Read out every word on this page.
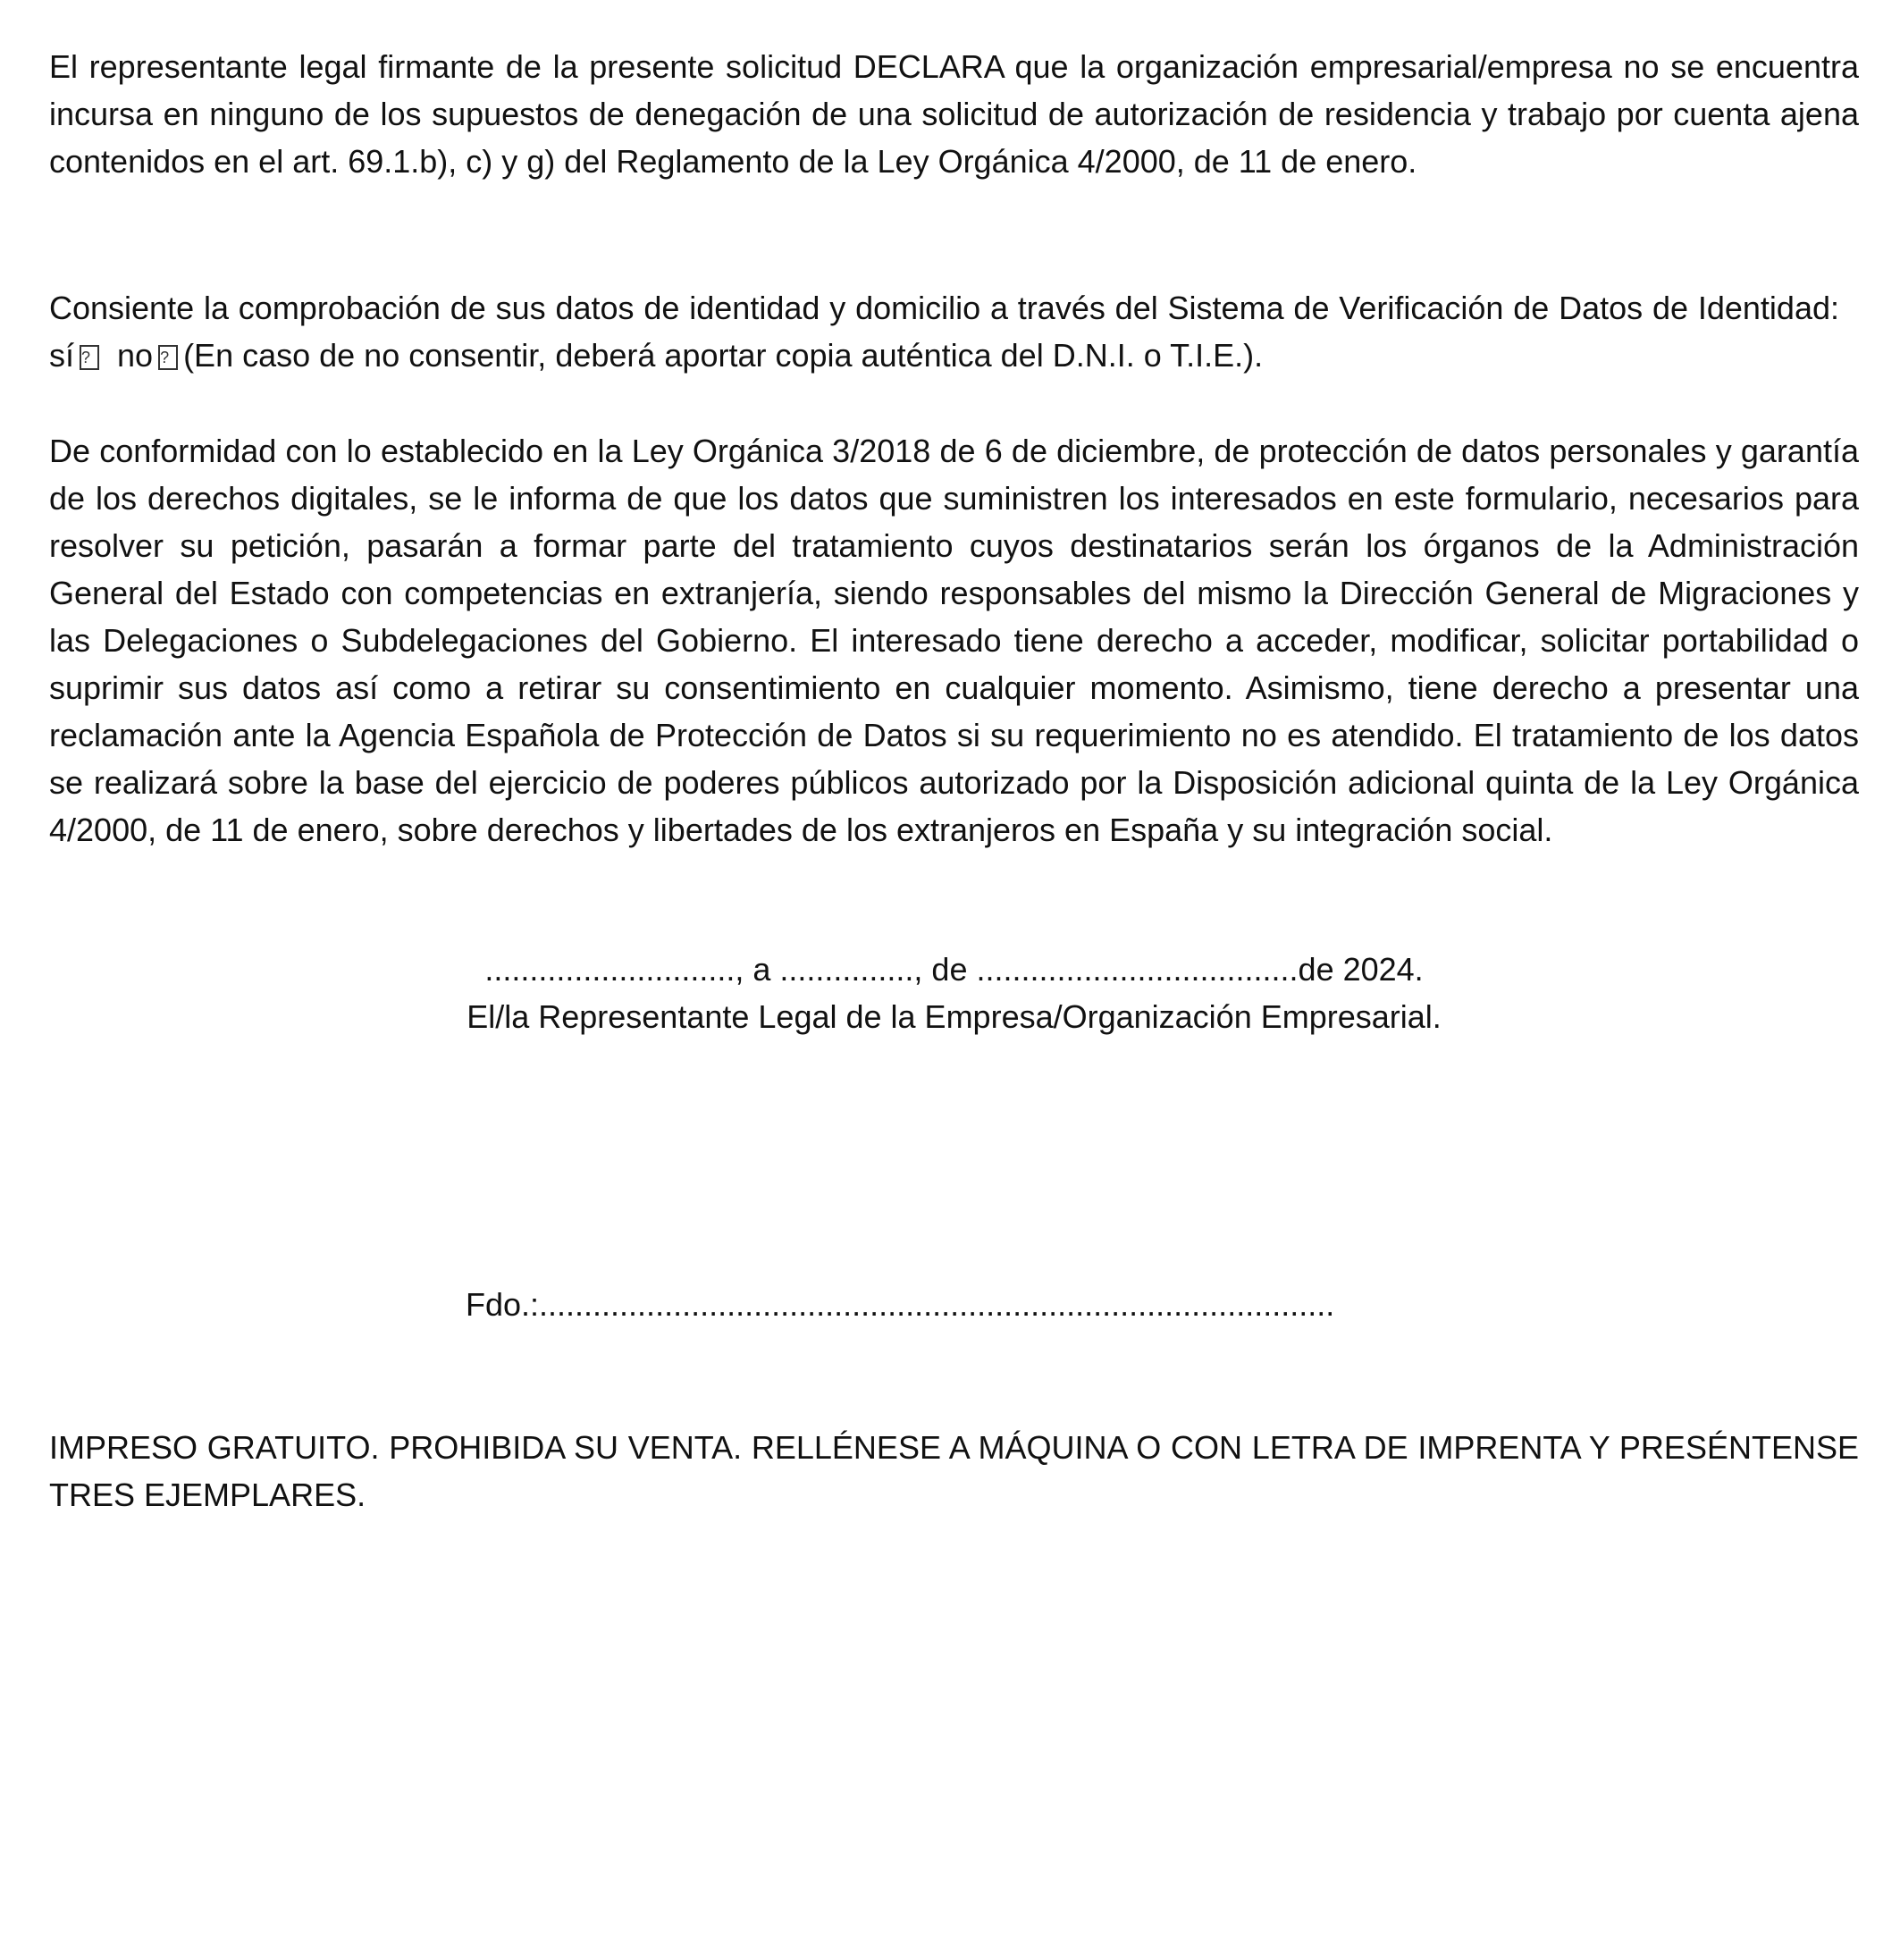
El representante legal firmante de la presente solicitud DECLARA que la organización empresarial/empresa no se encuentra incursa en ninguno de los supuestos de denegación de una solicitud de autorización de residencia y trabajo por cuenta ajena contenidos en el art. 69.1.b), c) y g) del Reglamento de la Ley Orgánica 4/2000, de 11 de enero.

Consiente la comprobación de sus datos de identidad y domicilio a través del Sistema de Verificación de Datos de Identidad:sí ? no ? (En caso de no consentir, deberá aportar copia auténtica del D.N.I. o T.I.E.).

De conformidad con lo establecido en la Ley Orgánica 3/2018 de 6 de diciembre, de protección de datos personales y garantía de los derechos digitales, se le informa de que los datos que suministren los interesados en este formulario, necesarios para resolver su petición, pasarán a formar parte del tratamiento cuyos destinatarios serán los órganos de la Administración General del Estado con competencias en extranjería, siendo responsables del mismo la Dirección General de Migraciones y las Delegaciones o Subdelegaciones del Gobierno. El interesado tiene derecho a acceder, modificar, solicitar portabilidad o suprimir sus datos así como a retirar su consentimiento en cualquier momento. Asimismo, tiene derecho a presentar una reclamación ante la Agencia Española de Protección de Datos si su requerimiento no es atendido. El tratamiento de los datos se realizará sobre la base del ejercicio de poderes públicos autorizado por la Disposición adicional quinta de la Ley Orgánica 4/2000, de 11 de enero, sobre derechos y libertades de los extranjeros en España y su integración social.

............................, a ..............., de ....................................de 2024.
El/la Representante Legal de la Empresa/Organización Empresarial.
Fdo.:.........................................................................................

IMPRESO GRATUITO. PROHIBIDA SU VENTA. RELLÉNESE A MÁQUINA O CON LETRA DE IMPRENTA Y PRESÉNTENSE TRES EJEMPLARES.
